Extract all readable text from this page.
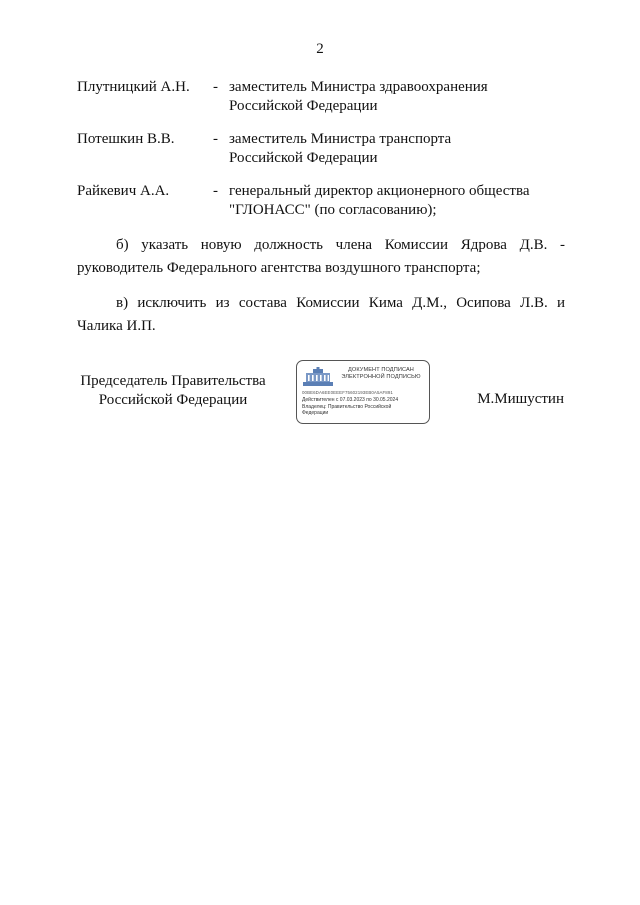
2
Плутницкий А.Н. - заместитель Министра здравоохранения
Российской Федерации
Потешкин В.В.	- заместитель Министра транспорта
Российской Федерации
Райкевич А.А.	- генеральный директор акционерного общества
"ГЛОНАСС" (по согласованию);
б) указать новую должность члена Комиссии Ядрова Д.В. -
руководитель Федерального агентства воздушного транспорта;
в) исключить из состава Комиссии Кима Д.М., Осипова Л.В. и
Чалика И.П.
Председатель Правительства
Российской Федерации
ДОКУМЕНТ ПОДПИСАН
ЭЛЕКТРОННОЙ ПОДПИСЬЮ
00BE6DA6EE0EEEF75602193EB0A5AF891
Действителен с 07.03.2023 по 30.05.2024
Владелец: Правительство Российской
Федерации
М.Мишустин
